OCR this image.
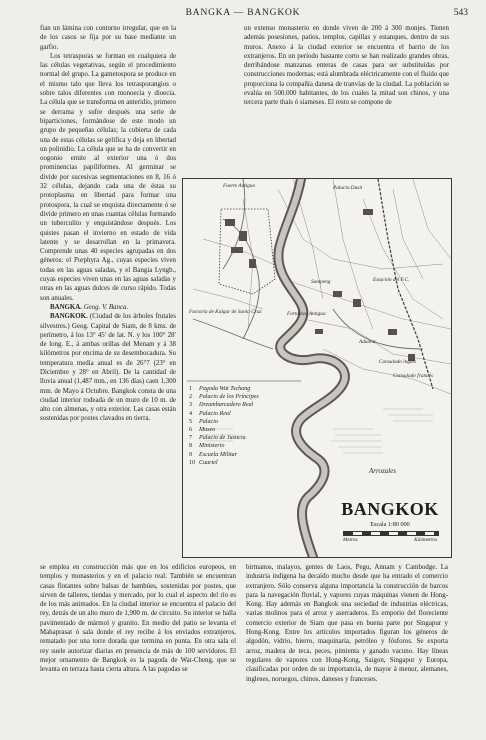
BANGKA — BANGKOK	543

fian un lámina con contorno irregular, que en la de los casos se fija por su base mediante un garfio.

Los tetrasporas se forman en cualquiera de las células vegetativas, según el procedimiento normal del grupo. La gametospora se produce en el mismo talo que lleva los tetrasporangios o sobre talos diferentes con monoecia y dioecia. La célula que se transforma en anteridio, primero se derrama y sufre después una serie de biparticiones, formándose de este modo un grupo de pequeñas células; la cubierta de cada una de estas células se gelifica y deja en libertad un polinidio. La célula que se ha de convertir en oogonio emite al exterior una ó dos prominencias papiliformes. Al germinar se divide por sucesivas segmentaciones en 8, 16 ó 32 células, dejando cada una de éstas su protoplasma en libertad para formar una protospora, la cual se enquista directamente ó se divide primero en unas cuantas células formando un tuberculito y enquistándose después. Los quistes pasan el invierno en estado de vida latente y se desarrollan en la primavera. Comprende unas 40 especies agrupadas en dos géneros: el Porphyra Ag., cuyas especies viven todas en las aguas saladas, y el Bangia Lyngb., cuyas especies viven unas en las aguas saladas y otras en las aguas dulces de curso rápido. Todas son anuales.

BANGKA. Geog. V. Banca.

BANGKOK. (Ciudad de los árboles frutales silvestres.) Geog. Capital de Siam, de 8 kms. de perímetro, á los 13° 45′ de lat. N. y los 100° 28′ de long. E., á ambas orillas del Menam y á 38 kilómetros por encima de su desembocadura. Su temperatura media anual es de 26°7 (23° en Diciembre y 28° en Abril). De la cantidad de lluvia anual (1,487 mm., en 136 días) caen 1,300 mm. de Mayo á Octubre. Bangkok consta de una ciudad interior rodeada de un muro de 10 m. de alto con almenas, y otra exterior. Las casas están sostenidas por postes clavados en tierra.

un extenso monasterio en donde viven de 200 á 300 monjes. Tienen además posesiones, patios, templos, capillas y estanques, dentro de sus muros. Anexo á la ciudad exterior se encuentra el barrio de los extranjeros. En un período bastante corto se han realizado grandes obras, derribándose manzanas enteras de casas para ser substituídas por construcciones modernas; está alumbrada eléctricamente con el fluido que proporciona la compañía danesa de tranvías de la ciudad. La población se evalúa en 500.000 habitantes, de los cuales la mitad son chinos, y una tercera parte thais ó siameses. El resto se compone de

Fuerte Antiguo	Palacio Dusit
Sampeng	Estación del F.C.
Factoría de Kalgar de Santa Cruz	Fortaleza Antigua
Consulado francés
Consulado inglés
Aduana
Arrozales
1	Pagoda Wat Tschang
2	Palacio de los Príncipes
3	Dreambarcadero Real
4	Palacio Real
5	Palacio
6	Museo
7	Palacio de Justicia
8	Ministerio
9	Escuela Militar
10 Cuartel
BANGKOK
Escala 1:80 000
Metros	Kilómetros

se emplea en construcción más que en los edificios europeos, en templos y monasterios y en el palacio real. También se encuentran casas flotantes sobre balsas de bambúes, sostenidas por postes, que sirven de talleres, tiendas y mercado, por lo cual el aspecto del río es de los más animados. En la ciudad interior se encuentra el palacio del rey, detrás de un alto muro de 1,900 m. de circuito. Su interior se halla pavimentado de mármol y granito. En medio del patio se levanta el Mahaprasat ó sala donde el rey recibe á los enviados extranjeros, rematado por una torre dorada que termina en punta. En otra sala el rey suele autorizar diarias en presencia de más de 100 servidores. El mejor ornamento de Bangkok es la pagoda de Wat-Cheng, que se levanta en terraza hasta cierta altura. A las pagodas se

birmanos, malayos, gentes de Laos, Pegu, Annam y Cambodge. La industria indígena ha decaído mucho desde que ha entrado el comercio extranjero. Sólo conserva alguna importancia la construcción de barcos para la navegación fluvial, y vapores cuyas máquinas vienen de Hong-Kong. Hay además en Bangkok una sociedad de industrias eléctricas, varias molinos para el arroz y aserraderos. Es emporio del floreciente comercio exterior de Siam que pasa en buena parte por Singapur y Hong-Kong. Entre los artículos importados figuran los géneros de algodón, vidrio, hierro, maquinaria, petróleo y fósforos. Se exporta arroz, madera de teca, peces, pimienta y ganado vacuno. Hay líneas regulares de vapores con Hong-Kong, Saigon, Singapur y Europa, clasificadas por orden de su importancia, de mayor á menor, alemanes, ingleses, noruegos, chinos, daneses y franceses.
